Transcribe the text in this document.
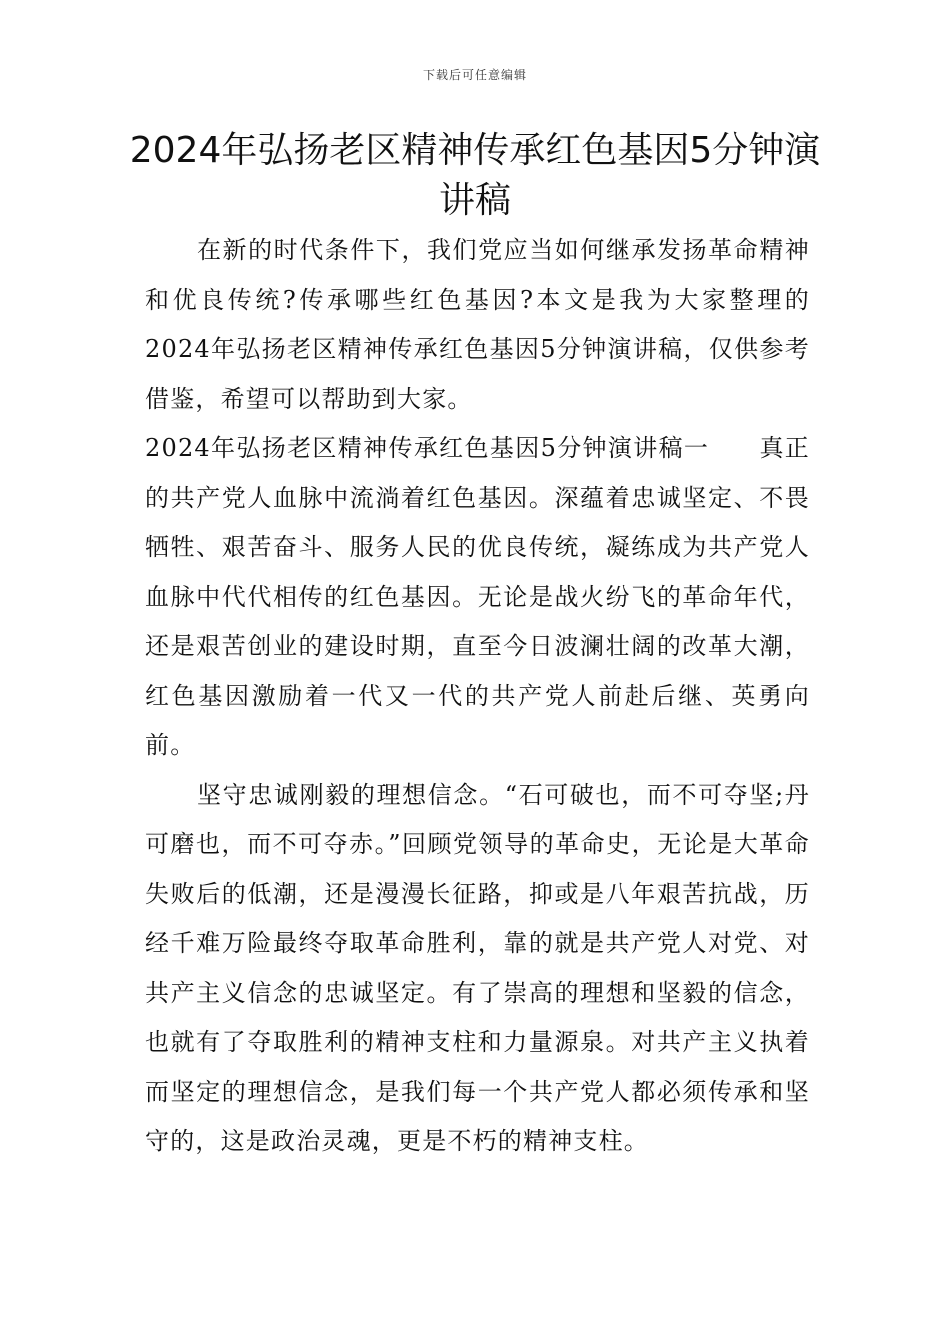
下载后可任意编辑
2024年弘扬老区精神传承红色基因5分钟演讲稿

在新的时代条件下，我们党应当如何继承发扬革命精神和优良传统?传承哪些红色基因?本文是我为大家整理的2024年弘扬老区精神传承红色基因5分钟演讲稿，仅供参考借鉴，希望可以帮助到大家。

2024年弘扬老区精神传承红色基因5分钟演讲稿一 真正的共产党人血脉中流淌着红色基因。深蕴着忠诚坚定、不畏牺牲、艰苦奋斗、服务人民的优良传统，凝练成为共产党人血脉中代代相传的红色基因。无论是战火纷飞的革命年代，还是艰苦创业的建设时期，直至今日波澜壮阔的改革大潮，红色基因激励着一代又一代的共产党人前赴后继、英勇向前。

坚守忠诚刚毅的理想信念。“石可破也，而不可夺坚;丹可磨也，而不可夺赤。”回顾党领导的革命史，无论是大革命失败后的低潮，还是漫漫长征路，抑或是八年艰苦抗战，历经千难万险最终夺取革命胜利，靠的就是共产党人对党、对共产主义信念的忠诚坚定。有了崇高的理想和坚毅的信念，也就有了夺取胜利的精神支柱和力量源泉。对共产主义执着而坚定的理想信念，是我们每一个共产党人都必须传承和坚守的，这是政治灵魂，更是不朽的精神支柱。
